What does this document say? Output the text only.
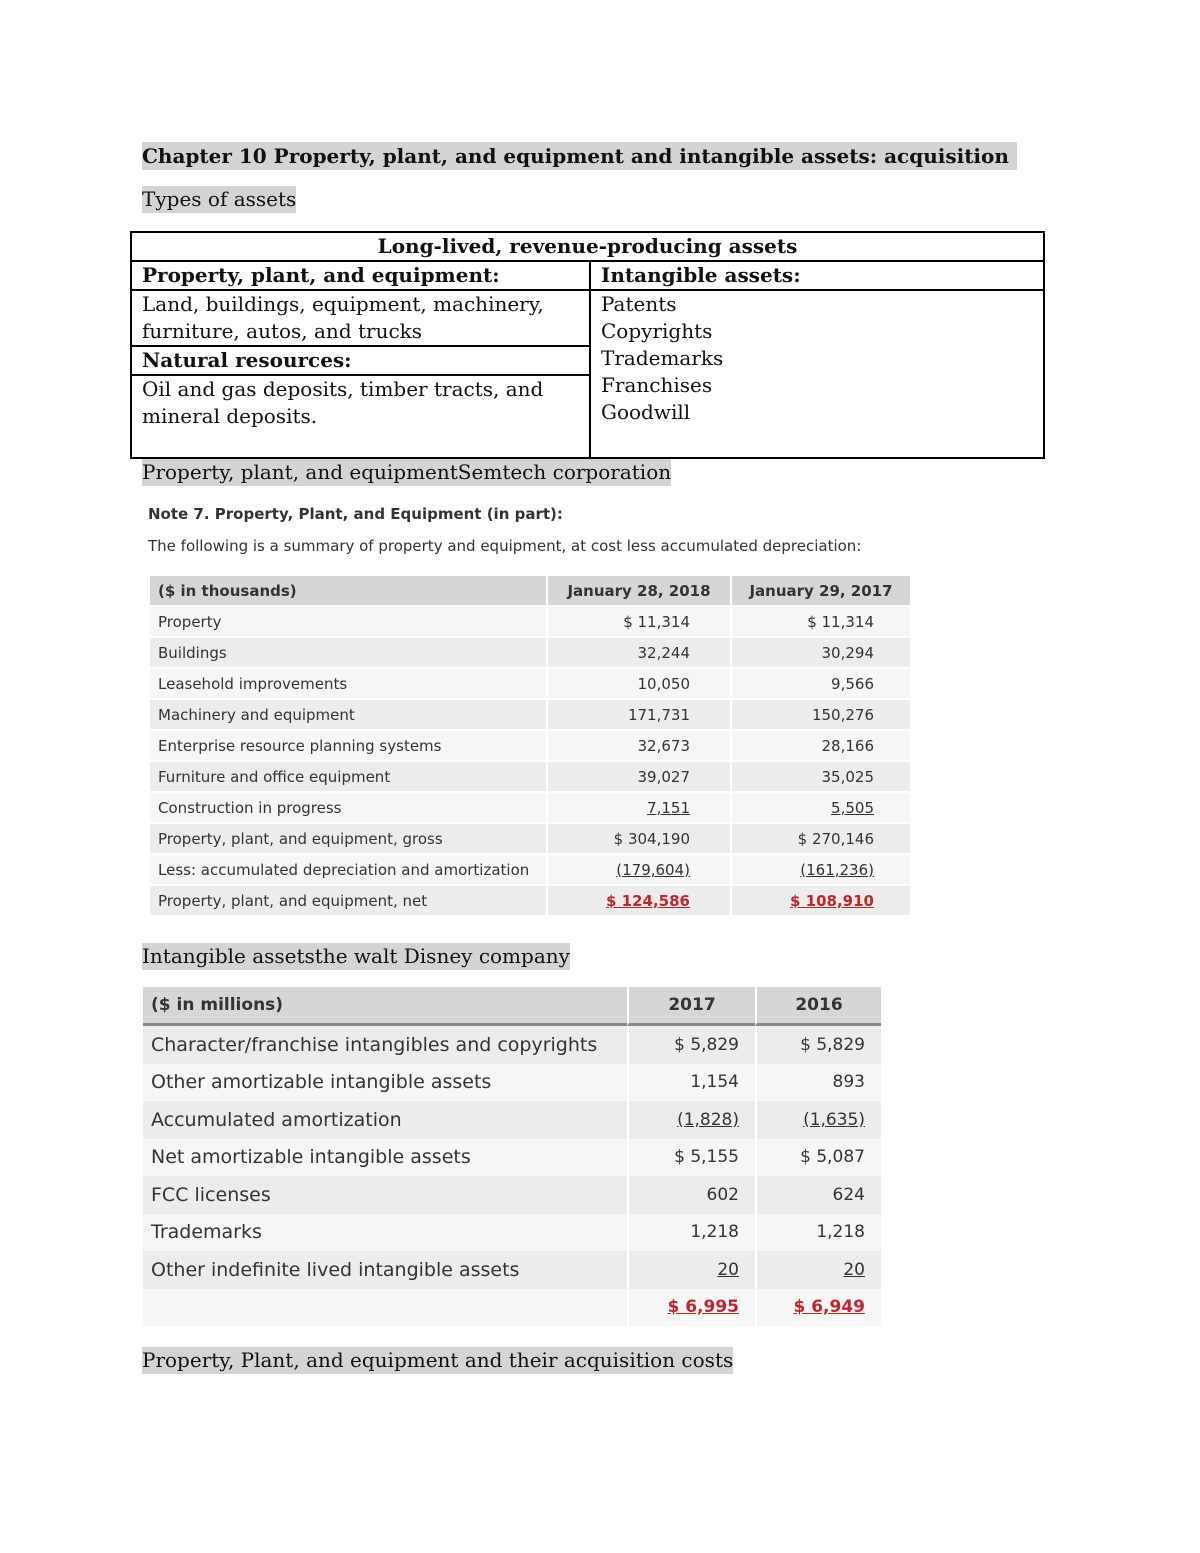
Chapter 10 Property, plant, and equipment and intangible assets: acquisition
Types of assets
Long-lived, revenue-producing assets	
Property, plant, and equipment:	Intangible assets:

Land, buildings, equipment, machinery,
furniture, autos, and trucks	Patents
Copyrights
Trademarks
Franchises
Goodwill

Natural resources:	

Oil and gas deposits, timber tracts, and
mineral deposits.	
Property, plant, and equipmentSemtech corporation
Note 7. Property, Plant, and Equipment (in part):
The following is a summary of property and equipment, at cost less accumulated depreciation:
($ in thousands)	January 28, 2018	January 29, 2017
Property	$ 11,314	$ 11,314
Buildings	32,244	30,294
Leasehold improvements	10,050	9,566
Machinery and equipment	171,731	150,276
Enterprise resource planning systems	32,673	28,166
Furniture and office equipment	39,027	35,025
Construction in progress	7,151	5,505
Property, plant, and equipment, gross	$ 304,190	$ 270,146
Less: accumulated depreciation and amortization	(179,604)	(161,236)
Property, plant, and equipment, net	$ 124,586	$ 108,910
Intangible assetsthe walt Disney company
($ in millions)	2017	2016
Character/franchise intangibles and copyrights	$ 5,829	$ 5,829
Other amortizable intangible assets	1,154	893
Accumulated amortization	(1,828)	(1,635)
Net amortizable intangible assets	$ 5,155	$ 5,087
FCC licenses	602	624
Trademarks	1,218	1,218
Other indefinite lived intangible assets	20	20
	$ 6,995	$ 6,949
Property, Plant, and equipment and their acquisition costs
